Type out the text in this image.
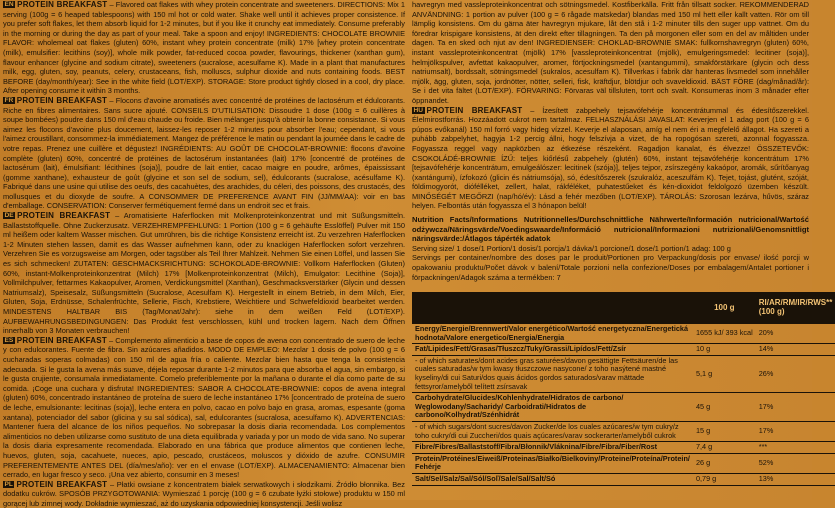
EN PROTEIN BREAKFAST – Flavored oat flakes with whey protein concentrate and sweeteners. DIRECTIONS: Mix 1 serving (100g = 6 heaped tablespoons) with 150 ml hot or cold water. Shake well until it achieves proper consistence. If you prefer soft flakes, let them absorb liquid for 1-2 minutes, but if you like it crunchy eat immediately. Consume preferably in the morning or during the day as part of your meal. Take a spoon and enjoy! INGREDIENTS: CHOCOLATE BROWNIE FLAVOR: wholemeal oat flakes (gluten) 60%, instant whey protein concentrate (milk) 17% [whey protein concentrate (milk), emulsifier: lecithins (soy)], whole milk powder, fat-reduced cocoa powder, flavourings, thickener (xanthan gum), flavour enhancer (glycine and sodium citrate), sweeteners (sucralose, acesulfame K). Made in a plant that manufactures milk, egg, gluten, soy, peanuts, celery, crustaceans, fish, molluscs, sulphur dioxide and nuts containing foods. BEST BEFORE (day/month/year): See in the white field (LOT/EXP). STORAGE: Store product tightly closed in a cool, dry place. After opening consume it within 3 months.

FR PROTEIN BREAKFAST – Flocons d'avoine aromatisés avec concentré de protéines de lactosérum et édulcorants. Riche en fibres alimentaires. Sans sucre ajouté. CONSEILS D'UTILISATION: Dissoudre 1 dose (100g = 6 cuillères à soupe bombées) poudre dans 150 ml d'eau chaude ou froide. Bien mélanger jusqu'à obtenir la bonne consistance. Si vous aimez les flocons d'avoine plus doucement, laissez-les reposer 1-2 minutes pour absorber l'eau; cependant, si vous l'aimez croustillant, consommez-la immédiatement. Mangez de préférence le matin ou pendant la journée dans le cadre de votre repas. Prenez une cuillère et dégustez! INGRÉDIENTS: AU GOÛT DE CHOCOLAT-BROWNIE: flocons d'avoine complète (gluten) 60%, concentré de protéines de lactosérum instantanées (lait) 17% [concentré de protéines de lactosérum (lait), émulsifiant: lécithines (soja)], poudre de lait entier, cacao maigre en poudre, arômes, épaississant (gomme xanthane), exhausteur de goût (glycine et son sel de sodium, sel), édulcorants (sucralose, acésulfame K). Fabriqué dans une usine qui utilise des oeufs, des cacahuètes, des arachides, du céleri, des poissons, des crustacés, des mollusques et du dioxyde de soufre. A CONSOMMER DE PREFERENCE AVANT FIN (JJ/MM/AA): voir en bas d'emballage. CONSERVATION: Conserver fermétiquement fermé dans un endroit sec et frais.

DE PROTEIN BREAKFAST – Aromatisierte Haferflocken mit Molkenproteinkonzentrat und mit Süßungsmitteln. Ballaststoffquelle. Ohne Zuckerzusatz. VERZEHREMPFEHLUNG: 1 Portion (100 g = 6 gehäufte Esslöffel) Pulver mit 150 ml heißem oder kaltem Wasser mischen. Gut umrühren, bis die richtige Konsistenz erreicht ist. Zu verzehren Haferflocken 1-2 Minuten stehen lassen, damit es das Wasser aufnehmen kann, oder zu knackigen Haferflocken sofort verzehren. Verzehren Sie es vorzugsweise am Morgen, oder tagsüber als Teil Ihrer Mahlzeit. Nehmen Sie einen Löffel, und lassen Sie es sich schmecken! ZUTATEN: GESCHMACKSRICHTUNG: SCHOKOLADE-BROWNIE: Vollkorn Haferflocken (Gluten) 60%, instant-Molkenproteinkonzentrat (Milch) 17% [Molkenproteinkonzentrat (Milch), Emulgator: Lecithine (Soja)], Vollmilchpulver, fettarmes Kakaopulver, Aromen, Verdickungsmittel (Xanthan), Geschmacksverstärker (Glycin und dessen Natriumsalz), Speisesalz, Süßungsmitteln (Sucralose, Acesulfam K). Hergestellt in einem Betrieb, in dem Milch, Eier, Gluten, Soja, Erdnüsse, Schalenfrüchte, Sellerie, Fisch, Krebstiere, Weichtiere und Schwefeldioxid bearbeitet werden. MINDESTENS HALTBAR BIS (Tag/Monat/Jahr): siehe in dem weißen Feld (LOT/EXP). AUFBEWAHRUNGSBEDINGUNGEN: Das Produkt fest verschlossen, kühl und trocken lagern. Nach dem Öffnen innerhalb von 3 Monaten verbrauchen!

ES PROTEIN BREAKFAST – Complemento alimenticio a base de copos de avena con concentrado de suero de leche y con edulcorantes. Fuente de fibra. Sin azúcares añadidos. MODO DE EMPLEO: Mezclar 1 dosis de polvo (100 g = 6 cucharadas soperas colmadas) con 150 ml de agua fría o caliente. Mezclar bien hasta que tenga la consistencia adecuada. Si le gusta la avena más suave, déjela reposar durante 1-2 minutos para que absorba el agua, sin embargo, si le gusta crujiente, consumala inmediatamente. Comelo preferiblemente por la mañana o durante el día como parte de su comida. ¡Coge una cuchara y disfruta! INGREDIENTES: SABOR A CHOCOLATE-BROWNIE: copos de avena integral (gluten) 60%, concentrado instantáneo de proteína de suero de leche instantáneo 17% [concentrado de proteína de suero de leche, emulsionante: lecitinas (soja)], leche entera en polvo, cacao en polvo bajo en grasa, aromas, espesante (goma xantana), potenciador del sabor (glicina y su sal sódica), sal, edulcorantes (sucralosa, acesulfamo K). ADVERTENCIAS: Mantener fuera del alcance de los niños pequeños. No sobrepasar la dosis diaria recomendada. Los complementos alimenticios no deben utilizarse como sustituto de una dieta equilibrada y variada y por un modo de vida sano. No superar la dosis diaria expresamente recomendada. Elaborado en una fábrica que produce alimentos que contienen leche, huevos, gluten, soja, cacahuete, nueces, apio, pescado, crustáceos, moluscos y dióxido de azufre. CONSUMIR PREFERENTEMENTE ANTES DEL (día/mes/año): ver en el envase (LOT/EXP). ALMACENAMIENTO: Almacenar bien cerrado, en lugar fresco y seco. ¡Una vez abierto, consumir en 3 meses!

PL PROTEIN BREAKFAST – Płatki owsiane z koncentratem białek serwatkowych i słodzikami. Źródło błonnika. Bez dodatku cukrów. SPOSÓB PRZYGOTOWANIA: Wymieszać 1 porcję (100 g = 6 czubate łyżki stołowe) produktu w 150 ml gorącej lub zimnej wody. Dokładnie wymieszać, aż do uzyskania odpowiedniej konsystencji. Jeśli wolisz

havregryn med vassleproteinkoncentrat och sötningsmedel. Kostfiberkälla. Fritt från tillsatt socker. REKOMMENDERAD ANVÄNDNING: 1 portion av pulver (100 g = 6 rågade matskedar) blandas med 150 ml hett eller kallt vatten. Rör om till lämplig konsistens. Om du gärna äter havregryn mjukare, låt den stå i 1-2 minuter tills den suger upp vattnet. Om du föredrar krispigare konsistens, ät den direkt efter tillagningen. Ta den på morgonen eller som en del av måltiden under dagen. Ta en sked och njut av den! INGREDIENSER: CHOKLAD-BROWNIE SMAK: fullkornshavregryn (gluten) 60%, instant vassleproteinkoncentrat (mjölk) 17% [vassleproteinkoncentrat (mjölk), emulgeringsmedel: lecitiner (soja)], helmjölkspulver, avfettat kakaopulver, aromer, förtjockningsmedel (xantangummi), smakförstärkare (glycin och dess natriumsalt), bordssalt, sötningsmedel (sukralos, acesulfam K). Tillverkas i fabrik där hanteras livsmedel som innehåller mjölk, ägg, gluten, soja, jordnötter, nötter, selleri, fisk, kräftdjur, blötdjur och svaveldioxid. BÄST FÖRE (dag/månad/år): Se i det vita fältet (LOT/EXP). FÖRVARING: Förvaras väl tillsluten, torrt och svalt. Konsumeras inom 3 månader efter öppnandet.

HU PROTEIN BREAKFAST – Ízesített zabpehely tejsavófehérje koncentrátummal és édesítőszerekkel. Élelmirostforrás. Hozzáadott cukrot nem tartalmaz. FELHASZNÁLÁSI JAVASLAT: Keverjen el 1 adag port (100 g = 6 púpos evőkanál) 150 ml forró vagy hideg vízzel. Keverje el alaposan, amíg el nem éri a megfelelő állagot. Ha szereti a puhább zabpelyhet, hagyja 1-2 percig állni, hogy felszívja a vizet, de ha ropogósan szereti, azonnal fogyassza. Fogyassza reggel vagy napközben az étkezése részeként. Ragadjon kanalat, és élvezze! ÖSSZETEVŐK: CSOKOLÁDÉ-BROWNIE ÍZŰ: teljes kiőrlésű zabpehely (glutén) 60%, instant tejsavófehérje koncentrátum 17% [tejsavófehérje koncentrátum, emulgeálószer: lecitinek (szója)], teljes tejpor, zsírszegény kakaópor, aromák, sűrítőanyag (xantángumi), ízfokozó (glicin és nátriumsója), só, édesítőszerek (szukralóz, aceszulfám K). Tejet, tojást, glutént, szóját, földimogyorót, diófélléket, zellert, halat, rákféléket, puhatestűeket és kén-dioxidot feldolgozó üzemben készült. MINŐSÉGÉT MEGŐRZI (nap/hó/év): Lásd a fehér mezőben (LOT/EXP). TÁROLÁS: Szorosan lezárva, hűvös, száraz helyen. Felbontás után fogyassza el 3 hónapon belül!

Nutrition Facts/Informations Nutritionnelles/Durchschnittliche Nährwerte/Información nutricional/Wartość odżywcza/Näringsvärde/Voedingswaarde/Információ nutricional/Informazioni nutrizionali/Genomsnittligt näringsvärde:/Átlagos tápérték adatok
Serving size/ 1 dose/1 Portion/1 dosis/1 porcja/1 dávka/1 porcione/1 dose/1 portion/1 adag: 100 g
Servings per container/nombre des doses par le produit/Portionen pro Verpackung/dosis por envase/ ilość porcji w opakowaniu produktu/Počet dávok v balení/Totale porzioni nella confezione/Doses por embalagem/Antalet portioner i förpackningen/Adagok száma a termékben: 7
	100 g	RI/AR/RM/IR/RWS**(100 g)
Energy/Energie/Brennwert/Valor energético/Wartość energetyczna/Energetická hodnota/Valore energetico/Energia/Energia	1655 kJ/ 393 kcal	20%
Fat/Lipides/Fett/Grasas/Tłuszcz/Tuky/Grassi/Lipídos/Fett/Zsír	10 g	14%
- of which saturates/dont acides gras saturées/davon gesättigte Fettsäuren/de las cuales saturadas/w tym kwasy tłuszczowe nasycone/ z toho nasýtené mastné kyseliny/di cui Saturi/dos quais ácidos gordos saturados/varav mättade fettsyror/amelyből telített zsírsavak	5,1 g	26%
Carbohydrate/Glucides/Kohlenhydrate/Hidratos de carbono/ Węglowodany/Sacharidy/ Carboidrati/Hidratos de carbono/Kolhydrat/Szénhidrát	45 g	17%
- of which sugars/dont sucres/davon Zucker/de los cuales azúcares/w tym cukry/z toho cukry/di cui Zuccheri/dos quais açúcares/varav sockerarter/amelyből cukrok	15 g	17%
Fibre/Fibres/Ballaststoff/Fibra/Błonnik/Vláknina/Fibre/Fibra/Fiber/Rost	7,4 g	***
Protein/Protéines/Eiweiß/Proteinas/Białko/Bielkoviny/Proteine/Proteína/Protein/ Fehérje	26 g	52%
Salt/Sel/Salz/Sal/Sól/Soľ/Sale/Sal/Salt/Só	0,79 g	13%
